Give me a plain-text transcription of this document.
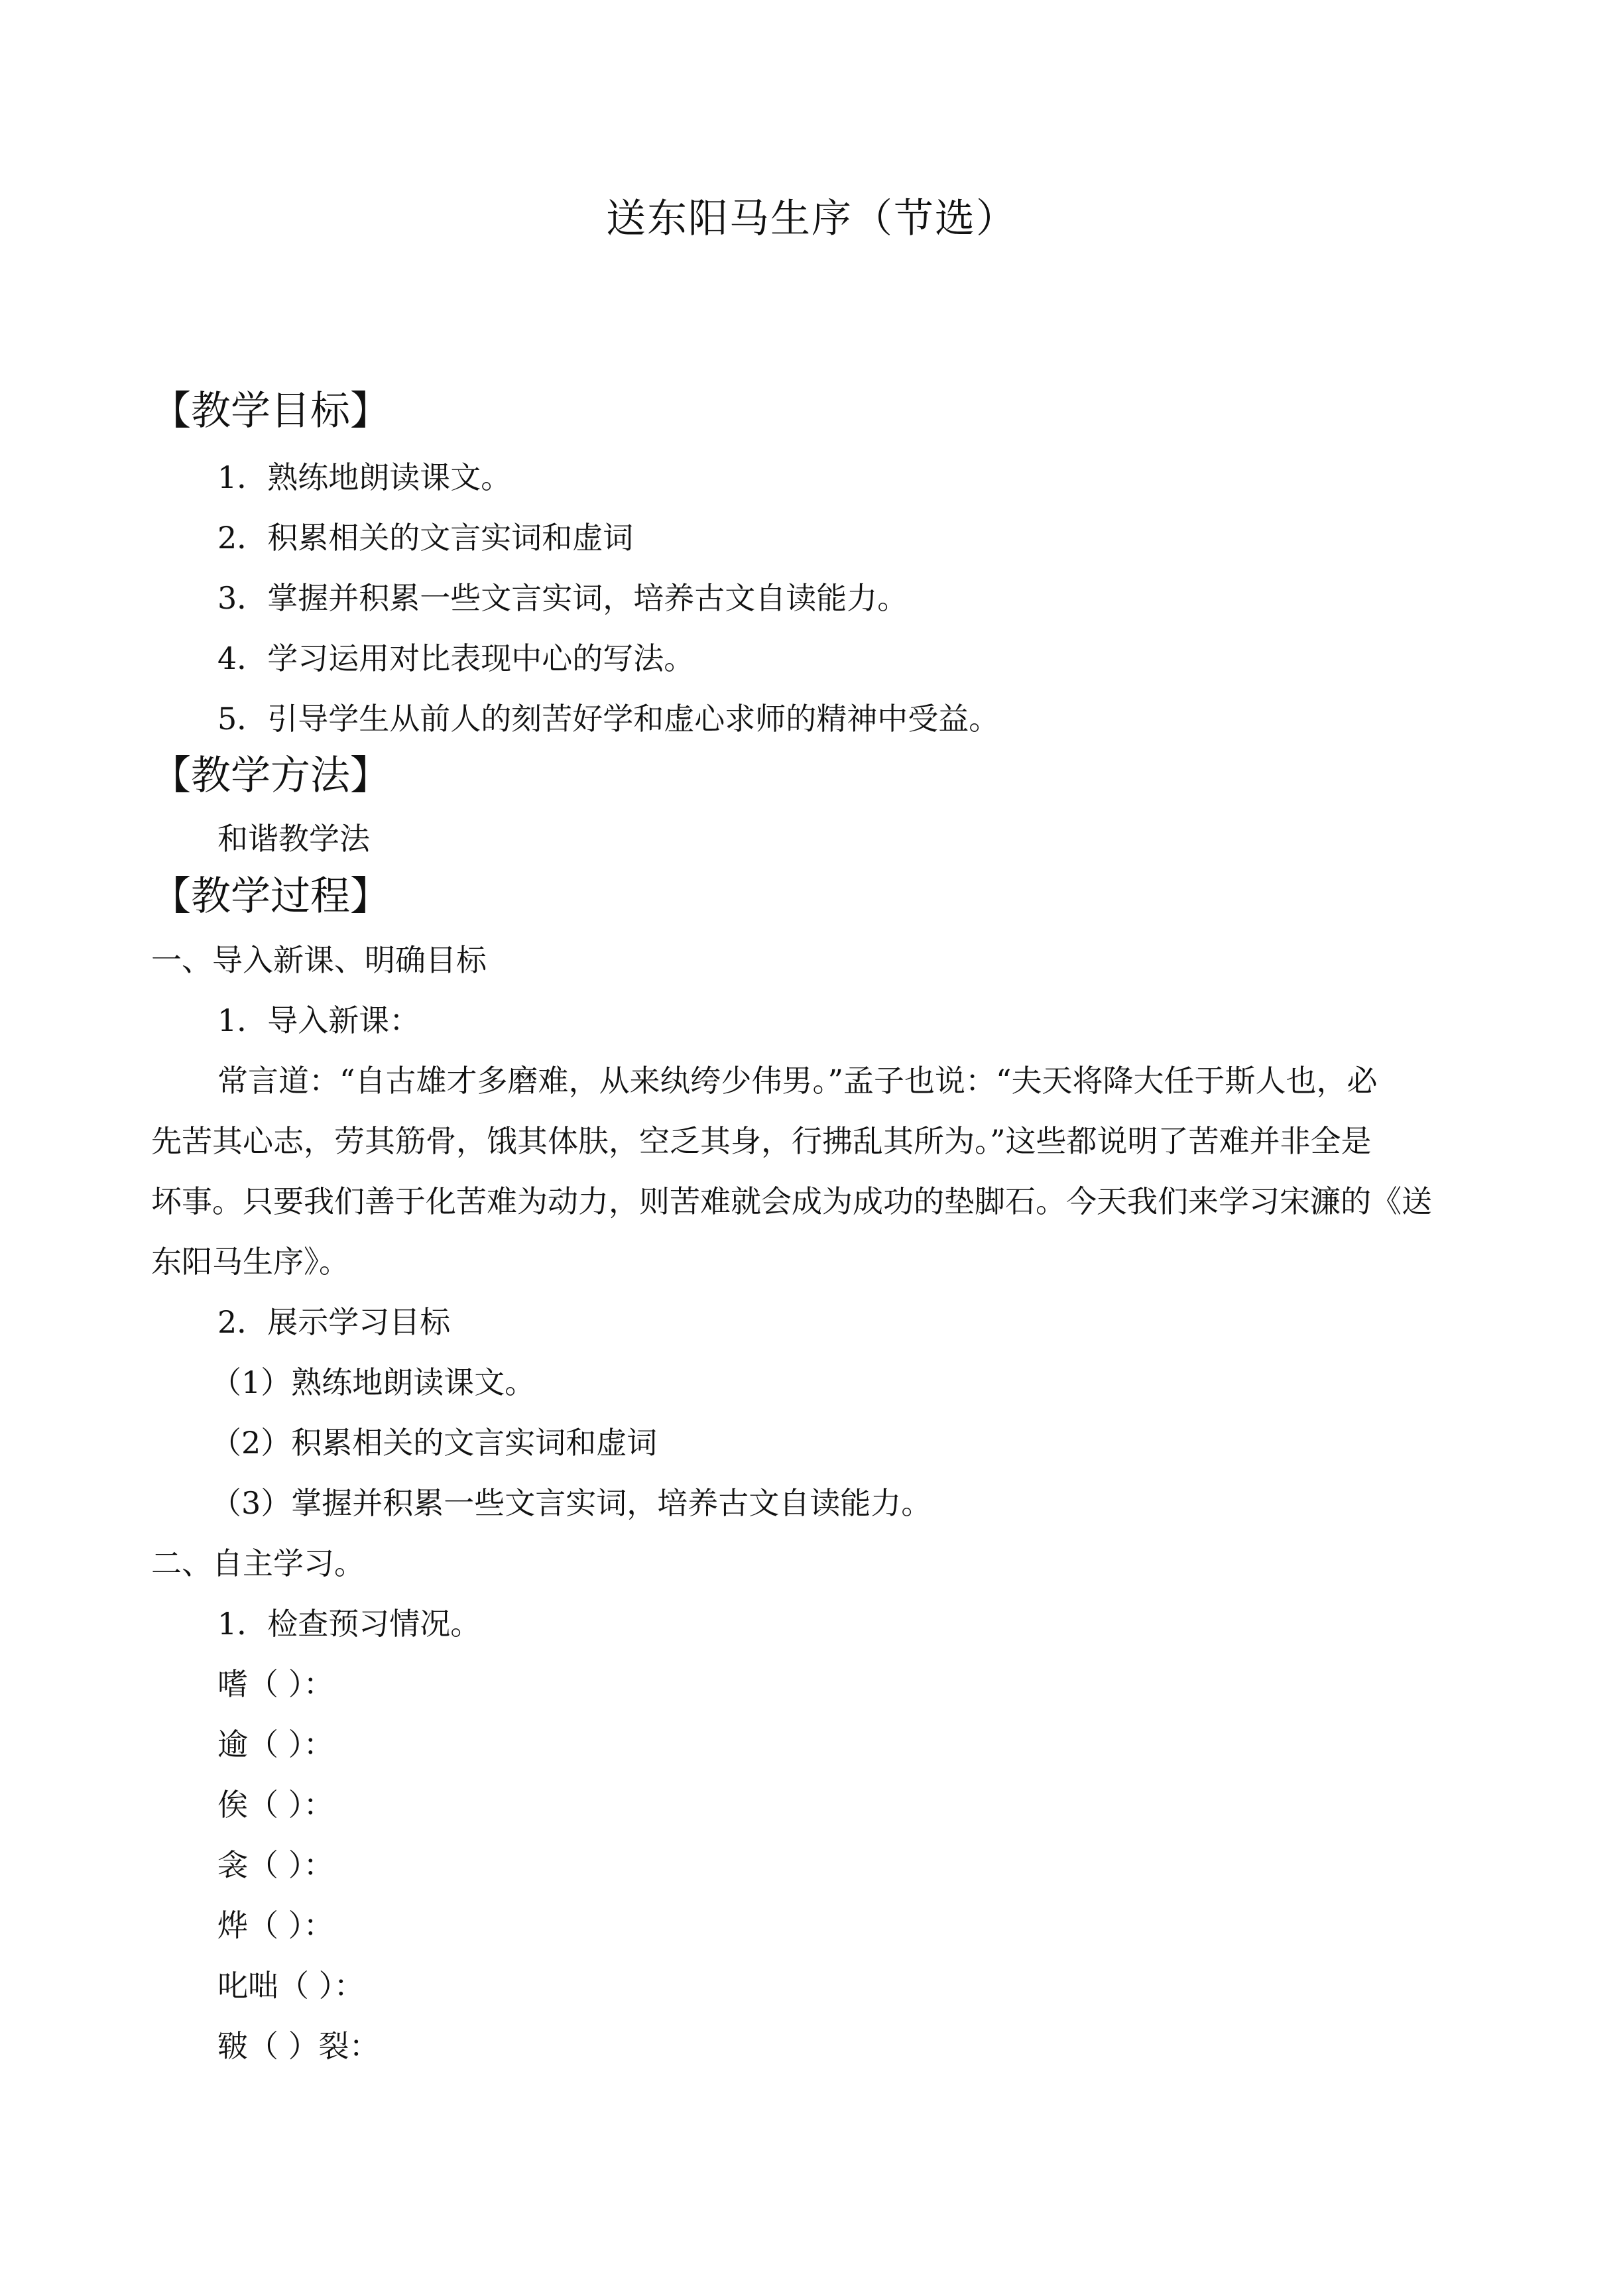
送东阳马生序（节选）
【教学目标】
1．熟练地朗读课文。
2．积累相关的文言实词和虚词
3．掌握并积累一些文言实词，培养古文自读能力。
4．学习运用对比表现中心的写法。
5．引导学生从前人的刻苦好学和虚心求师的精神中受益。
【教学方法】
和谐教学法
【教学过程】
一、导入新课、明确目标
1．导入新课：
常言道：“自古雄才多磨难，从来纨绔少伟男。”孟子也说：“夫天将降大任于斯人也，必
先苦其心志，劳其筋骨，饿其体肤，空乏其身，行拂乱其所为。”这些都说明了苦难并非全是
坏事。只要我们善于化苦难为动力，则苦难就会成为成功的垫脚石。今天我们来学习宋濂的《送
东阳马生序》。
2．展示学习目标
（1）熟练地朗读课文。
（2）积累相关的文言实词和虚词
（3）掌握并积累一些文言实词，培养古文自读能力。
二、自主学习。
1．检查预习情况。
嗜（ ）：
逾（ ）：
俟（ ）：
衾（ ）：
烨（ ）：
叱咄（ ）：
皲（ ）裂：
